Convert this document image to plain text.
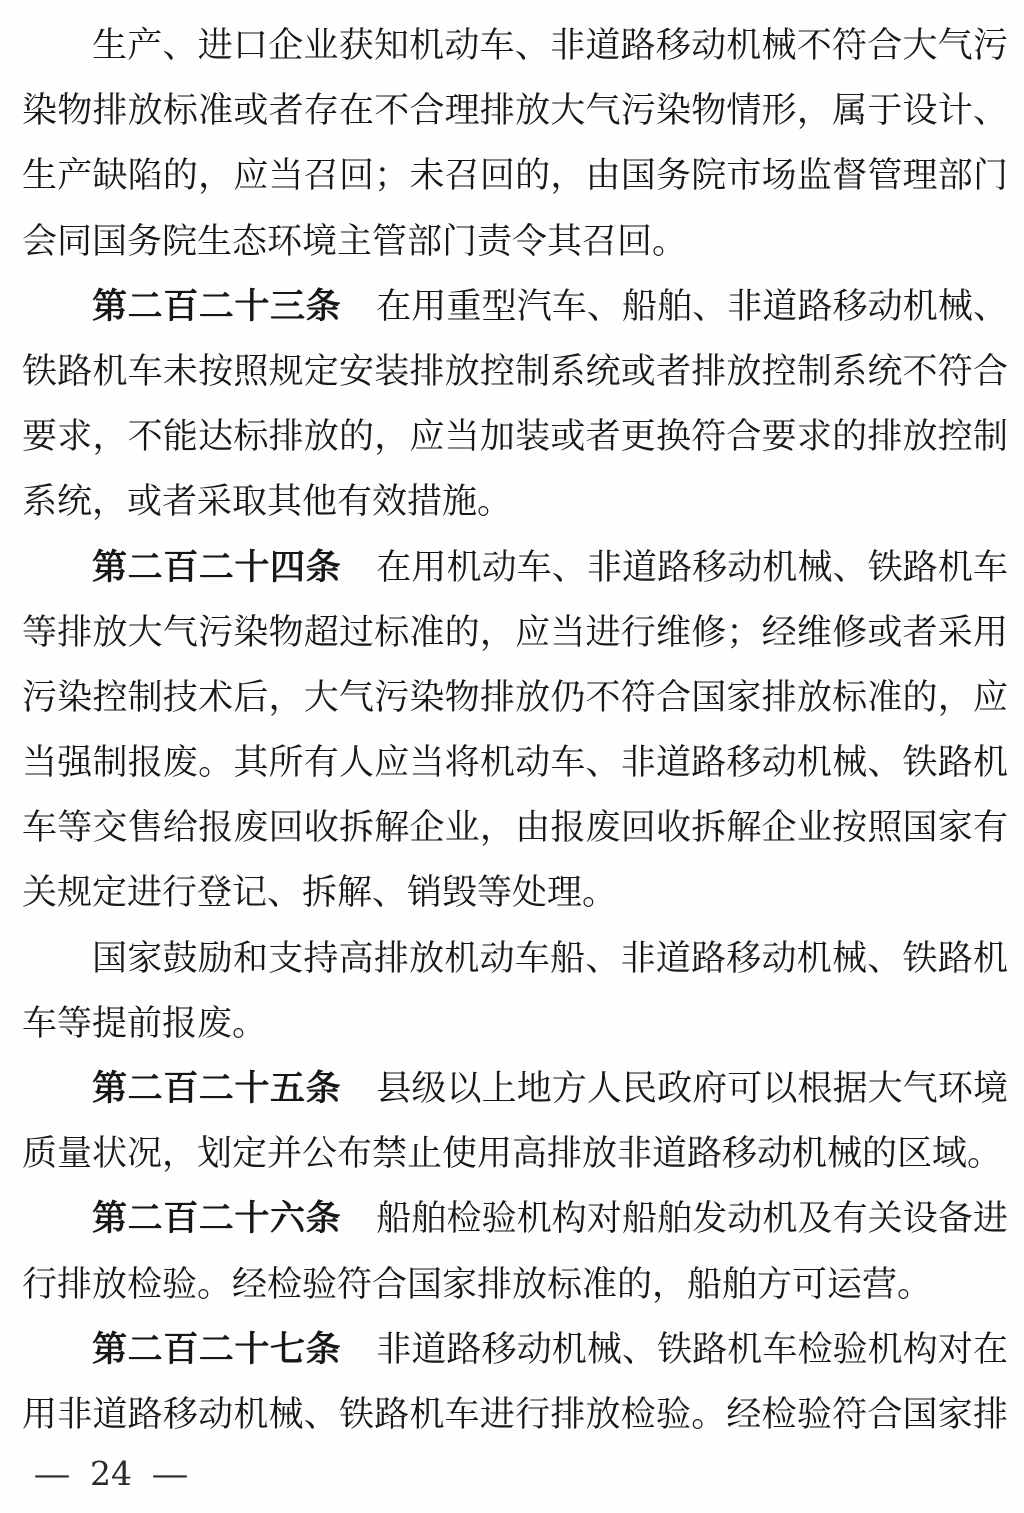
生产、进口企业获知机动车、非道路移动机械不符合大气污
染物排放标准或者存在不合理排放大气污染物情形，属于设计、
生产缺陷的，应当召回；未召回的，由国务院市场监督管理部门
会同国务院生态环境主管部门责令其召回。
第二百二十三条　在用重型汽车、船舶、非道路移动机械、
铁路机车未按照规定安装排放控制系统或者排放控制系统不符合
要求，不能达标排放的，应当加装或者更换符合要求的排放控制
系统，或者采取其他有效措施。
第二百二十四条　在用机动车、非道路移动机械、铁路机车
等排放大气污染物超过标准的，应当进行维修；经维修或者采用
污染控制技术后，大气污染物排放仍不符合国家排放标准的，应
当强制报废。其所有人应当将机动车、非道路移动机械、铁路机
车等交售给报废回收拆解企业，由报废回收拆解企业按照国家有
关规定进行登记、拆解、销毁等处理。
国家鼓励和支持高排放机动车船、非道路移动机械、铁路机
车等提前报废。
第二百二十五条　县级以上地方人民政府可以根据大气环境
质量状况，划定并公布禁止使用高排放非道路移动机械的区域。
第二百二十六条　船舶检验机构对船舶发动机及有关设备进
行排放检验。经检验符合国家排放标准的，船舶方可运营。
第二百二十七条　非道路移动机械、铁路机车检验机构对在
用非道路移动机械、铁路机车进行排放检验。经检验符合国家排
— 24 —
